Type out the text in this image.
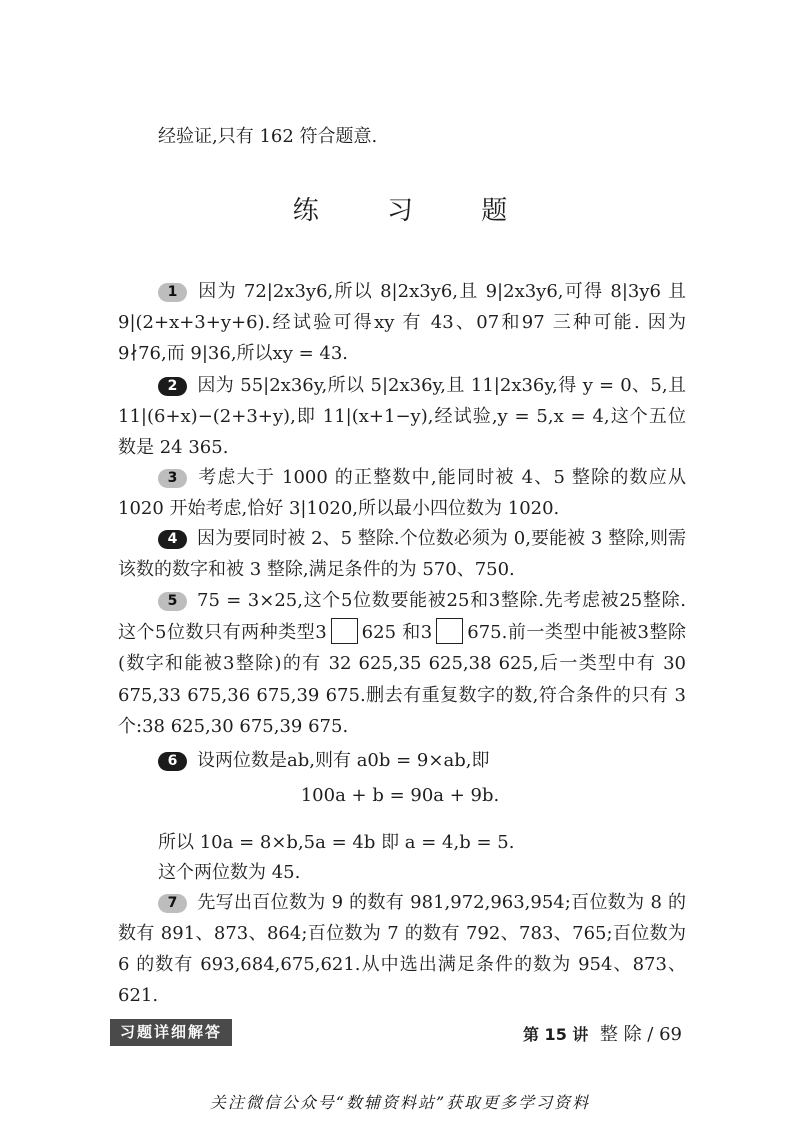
经验证,只有 162 符合题意.
练 习 题
1 因为 72|2x3y6,所以 8|2x3y6,且 9|2x3y6,可得 8|3y6 且 9|(2+x+3+y+6).经试验可得xy 有 43、07和97 三种可能. 因为 9∤76,而 9|36,所以xy = 43.
2 因为 55|2x36y,所以 5|2x36y,且 11|2x36y,得 y = 0、5,且 11|(6+x)−(2+3+y),即 11|(x+1−y),经试验,y = 5,x = 4,这个五位数是 24 365.
3 考虑大于 1000 的正整数中,能同时被 4、5 整除的数应从 1020 开始考虑,恰好 3|1020,所以最小四位数为 1020.
4 因为要同时被 2、5 整除.个位数必须为 0,要能被 3 整除,则需该数的数字和被 3 整除,满足条件的为 570、750.
5 75 = 3×25,这个5位数要能被25和3整除.先考虑被25整除.这个5位数只有两种类型3 625 和3 675.前一类型中能被3整除(数字和能被3整除)的有 32 625,35 625,38 625,后一类型中有 30 675,33 675,36 675,39 675.删去有重复数字的数,符合条件的只有 3 个:38 625,30 675,39 675.
6 设两位数是ab,则有 a0b = 9×ab,即
100a + b = 90a + 9b.
所以 10a = 8×b,5a = 4b 即 a = 4,b = 5.
这个两位数为 45.
7 先写出百位数为 9 的数有 981,972,963,954;百位数为 8 的数有 891、873、864;百位数为 7 的数有 792、783、765;百位数为 6 的数有 693,684,675,621.从中选出满足条件的数为 954、873、621.
习题详细解答	第 15 讲 整 除 / 69
关注微信公众号“数辅资料站”获取更多学习资料
